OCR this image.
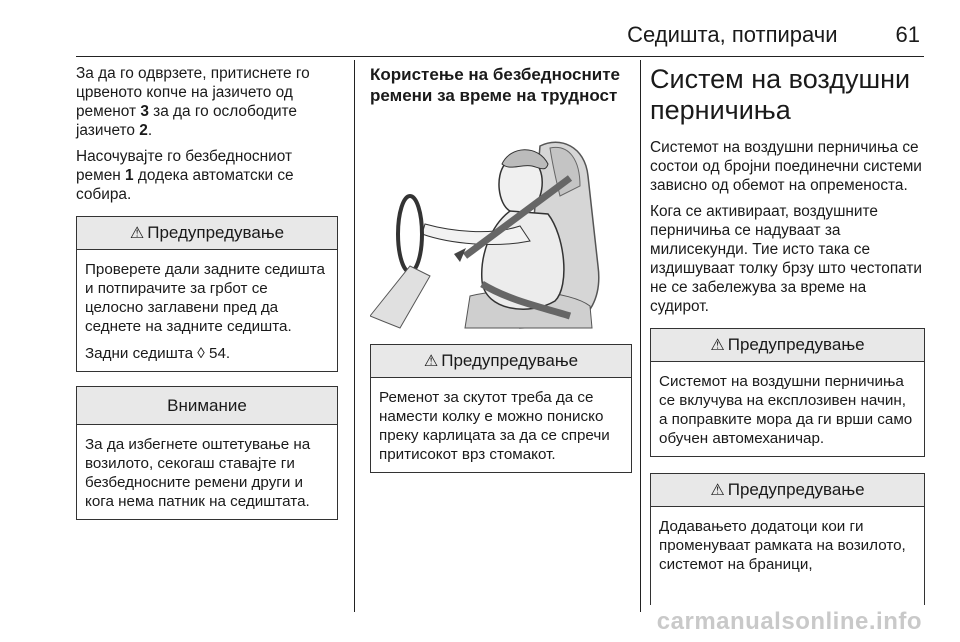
Седишта, потпирачи	61

За да го одврзете, притиснете го црвеното копче на јазичето од ременот 3 за да го ослободите јазичето 2.

Насочувајте го безбедносниот ремен 1 додека автоматски се собира.

⚠ Предупредување

Проверете дали задните седишта и потпирачите за грбот се целосно заглавени пред да седнете на задните седишта.

Задни седишта ◊ 54.

Внимание
За да избегнете оштетување на возилото, секогаш ставајте ги безбедносните ремени други и кога нема патник на седиштата.
Користење на безбедносните ремени за време на трудност
⚠ Предупредување
Ременот за скутот треба да се намести колку е можно пониско преку карлицата за да се спречи притисокот врз стомакот.
Систем на воздушни перничиња

Системот на воздушни перничиња се состои од бројни поединечни системи зависно од обемот на опременоста.

Кога се активираат, воздушните перничиња се надуваат за милисекунди. Тие исто така се издишуваат толку брзу што честопати не се забележува за време на судирот.

⚠ Предупредување
Системот на воздушни перничиња се вклучува на експлозивен начин, а поправките мора да ги врши само обучен автомеханичар.
⚠ Предупредување
Додавањето додатоци кои ги променуваат рамката на возилото, системот на браници,
carmanualsonline.info
